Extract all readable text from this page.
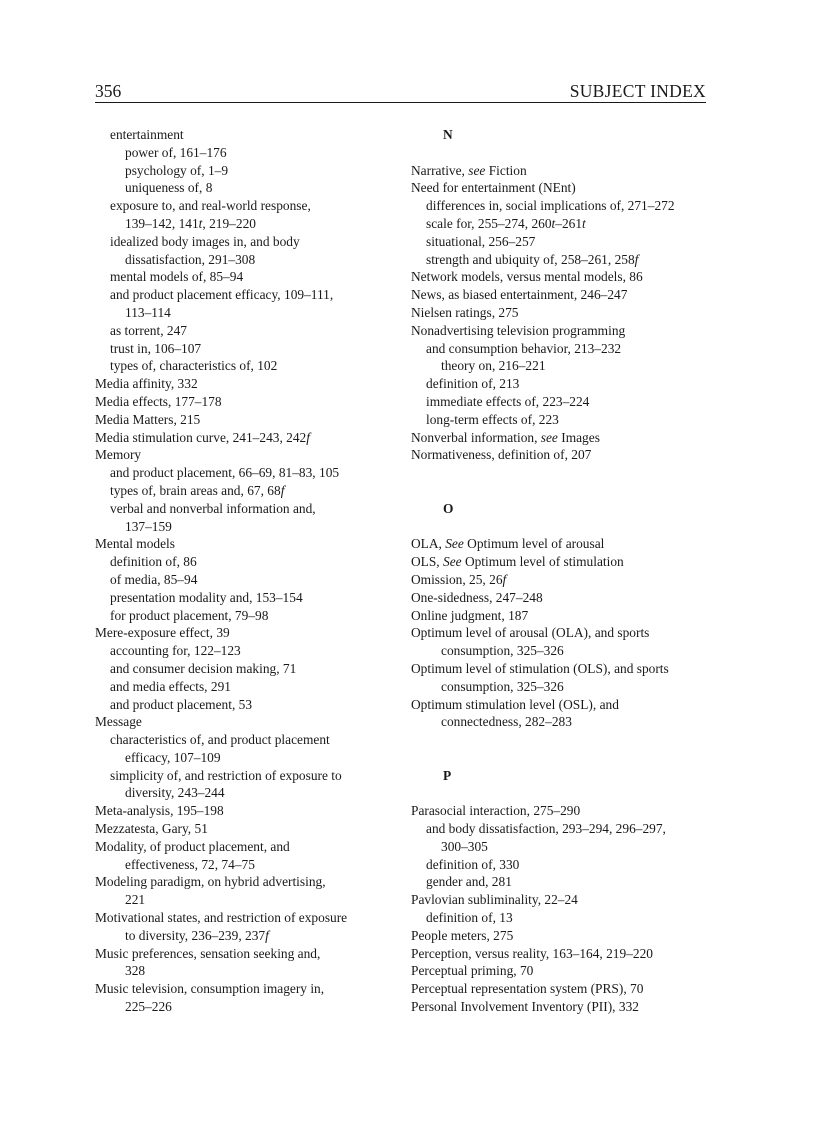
356	SUBJECT INDEX
entertainment
power of, 161–176
psychology of, 1–9
uniqueness of, 8
exposure to, and real-world response,
139–142, 141t, 219–220
idealized body images in, and body
dissatisfaction, 291–308
mental models of, 85–94
and product placement efficacy, 109–111,
113–114
as torrent, 247
trust in, 106–107
types of, characteristics of, 102
Media affinity, 332
Media effects, 177–178
Media Matters, 215
Media stimulation curve, 241–243, 242f
Memory
and product placement, 66–69, 81–83, 105
types of, brain areas and, 67, 68f
verbal and nonverbal information and,
137–159
Mental models
definition of, 86
of media, 85–94
presentation modality and, 153–154
for product placement, 79–98
Mere-exposure effect, 39
accounting for, 122–123
and consumer decision making, 71
and media effects, 291
and product placement, 53
Message
characteristics of, and product placement
efficacy, 107–109
simplicity of, and restriction of exposure to
diversity, 243–244
Meta-analysis, 195–198
Mezzatesta, Gary, 51
Modality, of product placement, and
effectiveness, 72, 74–75
Modeling paradigm, on hybrid advertising,
221
Motivational states, and restriction of exposure
to diversity, 236–239, 237f
Music preferences, sensation seeking and,
328
Music television, consumption imagery in,
225–226
N
Narrative, see Fiction
Need for entertainment (NEnt)
differences in, social implications of, 271–272
scale for, 255–274, 260t–261t
situational, 256–257
strength and ubiquity of, 258–261, 258f
Network models, versus mental models, 86
News, as biased entertainment, 246–247
Nielsen ratings, 275
Nonadvertising television programming
and consumption behavior, 213–232
theory on, 216–221
definition of, 213
immediate effects of, 223–224
long-term effects of, 223
Nonverbal information, see Images
Normativeness, definition of, 207
O
OLA, See Optimum level of arousal
OLS, See Optimum level of stimulation
Omission, 25, 26f
One-sidedness, 247–248
Online judgment, 187
Optimum level of arousal (OLA), and sports
consumption, 325–326
Optimum level of stimulation (OLS), and sports
consumption, 325–326
Optimum stimulation level (OSL), and
connectedness, 282–283
P
Parasocial interaction, 275–290
and body dissatisfaction, 293–294, 296–297,
300–305
definition of, 330
gender and, 281
Pavlovian subliminality, 22–24
definition of, 13
People meters, 275
Perception, versus reality, 163–164, 219–220
Perceptual priming, 70
Perceptual representation system (PRS), 70
Personal Involvement Inventory (PII), 332
